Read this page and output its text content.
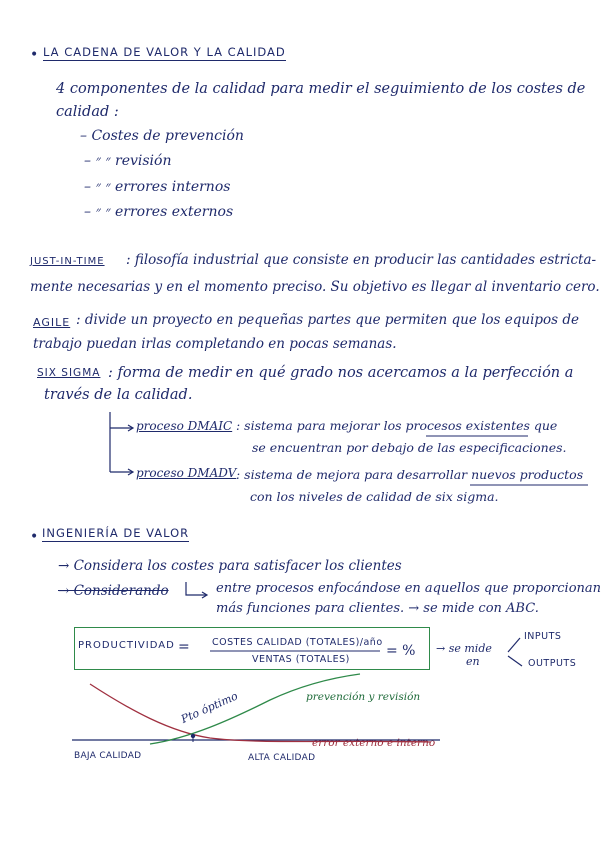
• LA CADENA DE VALOR Y LA CALIDAD
4 componentes de la calidad para medir el seguimiento de los costes de
calidad :
– Costes de prevención
– ״ ״ revisión
– ״ ״ errores internos
– ״ ״ errores externos
JUST-IN-TIME : filosofía industrial que consiste en producir las cantidades estricta-
mente necesarias y en el momento preciso. Su objetivo es llegar al inventario cero.
AGILE : divide un proyecto en pequeñas partes que permiten que los equipos de
trabajo puedan irlas completando en pocas semanas.
SIX SIGMA : forma de medir en qué grado nos acercamos a la perfección a
través de la calidad.
proceso DMAIC : sistema para mejorar los procesos existentes que
se encuentran por debajo de las especificaciones.
proceso DMADV : sistema de mejora para desarrollar nuevos productos
con los niveles de calidad de six sigma.
• INGENIERÍA DE VALOR
→ Considera los costes para satisfacer los clientes
→ Considerando	entre procesos enfocándose en aquellos que proporcionan
más funciones para clientes. → se mide con ABC.
PRODUCTIVIDAD = COSTES CALIDAD (TOTALES)/año
VENTAS (TOTALES)
= % → se mide
en
INPUTS
OUTPUTS
Pto óptimo	prevención y revisión
error externo e interno
BAJA CALIDAD	ALTA CALIDAD
